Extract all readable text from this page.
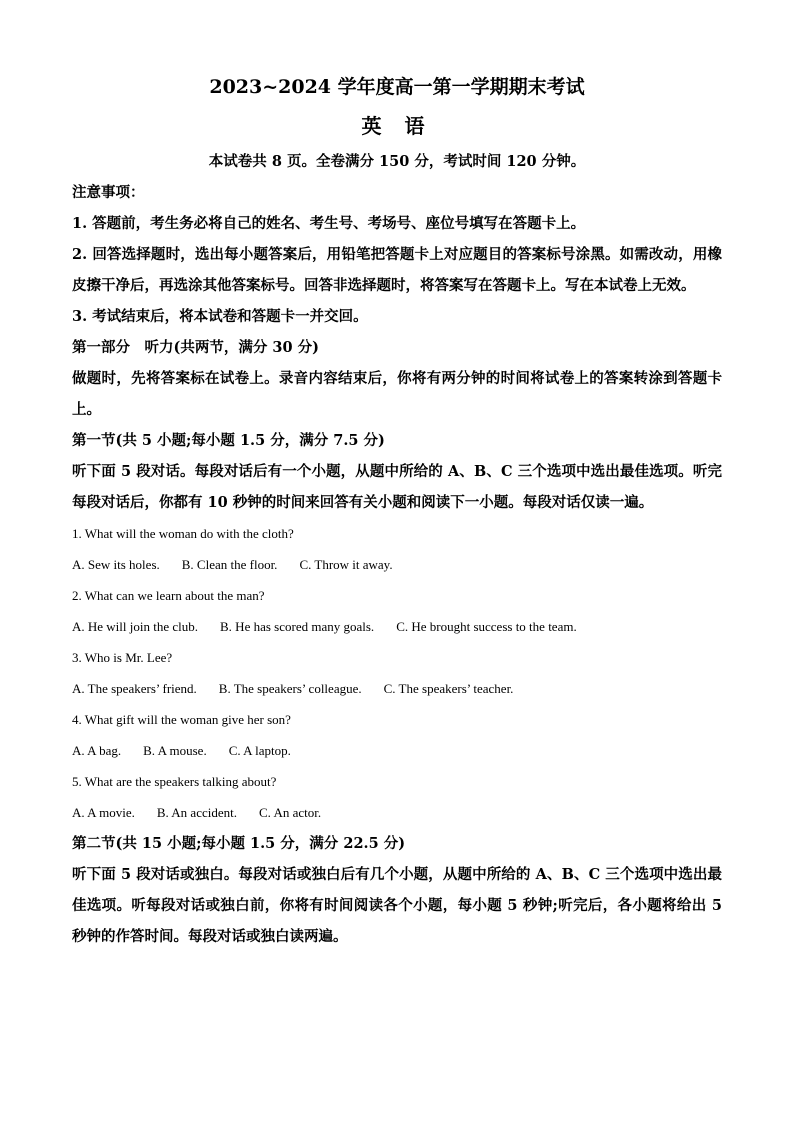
2023~2024 学年度高一第一学期期末考试
英 语
本试卷共 8 页。全卷满分 150 分，考试时间 120 分钟。
注意事项：
1. 答题前，考生务必将自己的姓名、考生号、考场号、座位号填写在答题卡上。
2. 回答选择题时，选出每小题答案后，用铅笔把答题卡上对应题目的答案标号涂黑。如需改动，用橡皮擦干净后，再选涂其他答案标号。回答非选择题时，将答案写在答题卡上。写在本试卷上无效。
3. 考试结束后，将本试卷和答题卡一并交回。
第一部分　听力(共两节，满分 30 分)
做题时，先将答案标在试卷上。录音内容结束后，你将有两分钟的时间将试卷上的答案转涂到答题卡上。
第一节(共 5 小题;每小题 1.5 分，满分 7.5 分)
听下面 5 段对话。每段对话后有一个小题，从题中所给的 A、B、C 三个选项中选出最佳选项。听完每段对话后，你都有 10 秒钟的时间来回答有关小题和阅读下一小题。每段对话仅读一遍。
1. What will the woman do with the cloth?
A. Sew its holes. B. Clean the floor. C. Throw it away.
2. What can we learn about the man?
A. He will join the club. B. He has scored many goals. C. He brought success to the team.
3. Who is Mr. Lee?
A. The speakers’ friend. B. The speakers’ colleague. C. The speakers’ teacher.
4. What gift will the woman give her son?
A. A bag. B. A mouse. C. A laptop.
5. What are the speakers talking about?
A. A movie. B. An accident. C. An actor.
第二节(共 15 小题;每小题 1.5 分，满分 22.5 分)
听下面 5 段对话或独白。每段对话或独白后有几个小题，从题中所给的 A、B、C 三个选项中选出最佳选项。听每段对话或独白前，你将有时间阅读各个小题，每小题 5 秒钟;听完后，各小题将给出 5 秒钟的作答时间。每段对话或独白读两遍。
